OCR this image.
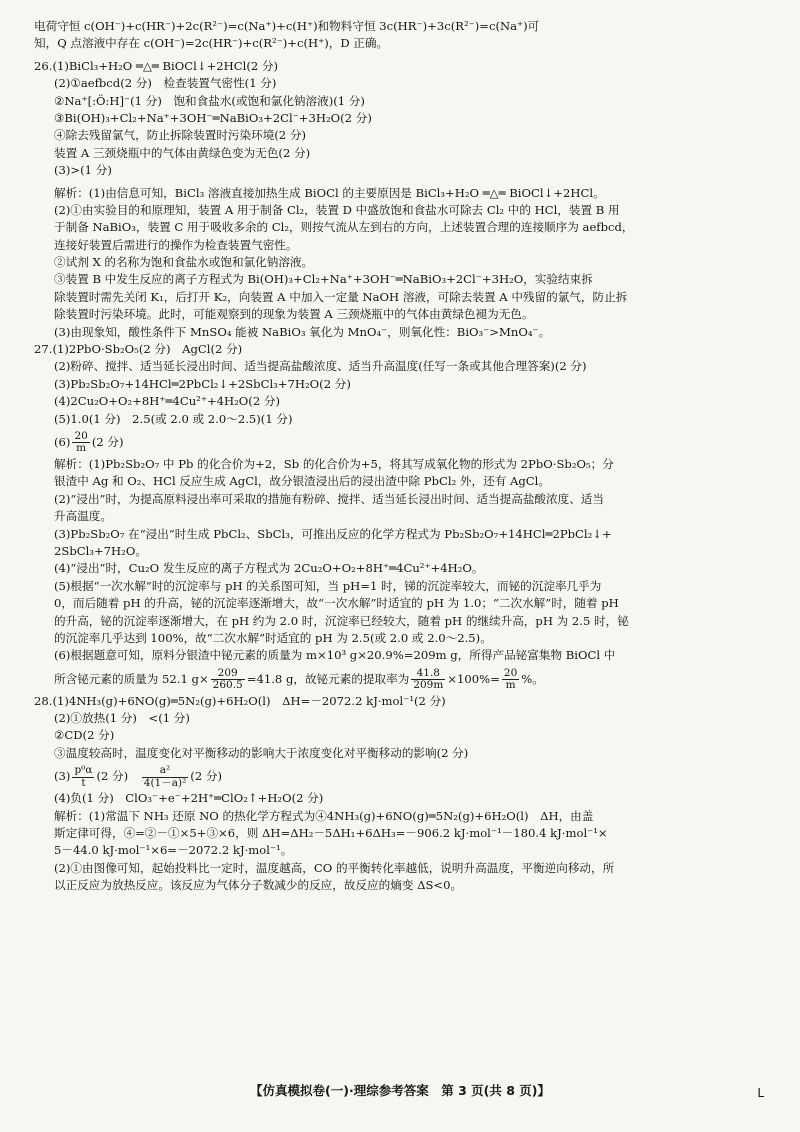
电荷守恒 c(OH⁻)+c(HR⁻)+2c(R²⁻)=c(Na⁺)+c(H⁺)和物料守恒 3c(HR⁻)+3c(R²⁻)=c(Na⁺)可
知，Q 点溶液中存在 c(OH⁻)=2c(HR⁻)+c(R²⁻)+c(H⁺)，D 正确。
26.(1)BiCl₃+H₂O ═△═ BiOCl↓+2HCl(2 分)
(2)①aefbcd(2 分)　检查装置气密性(1 分)
②Na⁺[:Ö:H]⁻(1 分)　饱和食盐水(或饱和氯化钠溶液)(1 分)
③Bi(OH)₃+Cl₂+Na⁺+3OH⁻═NaBiO₃+2Cl⁻+3H₂O(2 分)
④除去残留氯气，防止拆除装置时污染环境(2 分)
装置 A 三颈烧瓶中的气体由黄绿色变为无色(2 分)
(3)>(1 分)
解析：(1)由信息可知，BiCl₃ 溶液直接加热生成 BiOCl 的主要原因是 BiCl₃+H₂O ═△═ BiOCl↓+2HCl。
(2)①由实验目的和原理知，装置 A 用于制备 Cl₂，装置 D 中盛放饱和食盐水可除去 Cl₂ 中的 HCl，装置 B 用
于制备 NaBiO₃，装置 C 用于吸收多余的 Cl₂，则按气流从左到右的方向，上述装置合理的连接顺序为 aefbcd，
连接好装置后需进行的操作为检查装置气密性。
②试剂 X 的名称为饱和食盐水或饱和氯化钠溶液。
③装置 B 中发生反应的离子方程式为 Bi(OH)₃+Cl₂+Na⁺+3OH⁻═NaBiO₃+2Cl⁻+3H₂O，实验结束拆
除装置时需先关闭 K₁，后打开 K₂，向装置 A 中加入一定量 NaOH 溶液，可除去装置 A 中残留的氯气，防止拆
除装置时污染环境。此时，可能观察到的现象为装置 A 三颈烧瓶中的气体由黄绿色褪为无色。
(3)由现象知，酸性条件下 MnSO₄ 能被 NaBiO₃ 氧化为 MnO₄⁻，则氧化性：BiO₃⁻>MnO₄⁻。
27.(1)2PbO·Sb₂O₅(2 分)　AgCl(2 分)
(2)粉碎、搅拌、适当延长浸出时间、适当提高盐酸浓度、适当升高温度(任写一条或其他合理答案)(2 分)
(3)Pb₂Sb₂O₇+14HCl═2PbCl₂↓+2SbCl₃+7H₂O(2 分)
(4)2Cu₂O+O₂+8H⁺═4Cu²⁺+4H₂O(2 分)
(5)1.0(1 分)　2.5(或 2.0 或 2.0～2.5)(1 分)
$(6) \frac{20}{m} (2$ 分)
解析：(1)Pb₂Sb₂O₇ 中 Pb 的化合价为+2，Sb 的化合价为+5，将其写成氧化物的形式为 2PbO·Sb₂O₅；分
银渣中 Ag 和 O₂、HCl 反应生成 AgCl，故分银渣浸出后的浸出渣中除 PbCl₂ 外，还有 AgCl。
(2)“浸出”时，为提高原料浸出率可采取的措施有粉碎、搅拌、适当延长浸出时间、适当提高盐酸浓度、适当
升高温度。
(3)Pb₂Sb₂O₇ 在“浸出”时生成 PbCl₂、SbCl₃，可推出反应的化学方程式为 Pb₂Sb₂O₇+14HCl═2PbCl₂↓+
2SbCl₃+7H₂O。
(4)“浸出”时，Cu₂O 发生反应的离子方程式为 2Cu₂O+O₂+8H⁺═4Cu²⁺+4H₂O。
(5)根据“一次水解”时的沉淀率与 pH 的关系图可知，当 pH=1 时，锑的沉淀率较大，而铋的沉淀率几乎为
0，而后随着 pH 的升高，铋的沉淀率逐渐增大，故“一次水解”时适宜的 pH 为 1.0；“二次水解”时，随着 pH
的升高，铋的沉淀率逐渐增大，在 pH 约为 2.0 时，沉淀率已经较大，随着 pH 的继续升高，pH 为 2.5 时，铋
的沉淀率几乎达到 100%，故“二次水解”时适宜的 pH 为 2.5(或 2.0 或 2.0～2.5)。
(6)根据题意可知，原料分银渣中铋元素的质量为 m×10³ g×20.9%=209m g，所得产品铋富集物 BiOCl 中
所含铋元素的质量为 52.1 $g\times \frac{209}{260.5} =41.8$ g，故铋元素的提取率为 $\frac{41.8}{209m} \times 100\%= \frac{20}{m}$ %。
28.(1)4NH₃(g)+6NO(g)═5N₂(g)+6H₂O(l)　ΔH=－2072.2 kJ·mol⁻¹(2 分)
(2)①放热(1 分)　<(1 分)
②CD(2 分)
③温度较高时，温度变化对平衡移动的影响大于浓度变化对平衡移动的影响(2 分)
$(3) \frac{\text{p⁰α}}{t} (2$ 分)　 $\frac{\text{a²}}{\text{4(1－a)²}} (2$ 分)
(4)负(1 分)　ClO₃⁻+e⁻+2H⁺═ClO₂↑+H₂O(2 分)
解析：(1)常温下 NH₃ 还原 NO 的热化学方程式为④4NH₃(g)+6NO(g)═5N₂(g)+6H₂O(l)　ΔH，由盖
斯定律可得，④=②－①×5+③×6，则 ΔH=ΔH₂－5ΔH₁+6ΔH₃=－906.2 kJ·mol⁻¹－180.4 kJ·mol⁻¹×
5－44.0 kJ·mol⁻¹×6=－2072.2 kJ·mol⁻¹。
(2)①由图像可知，起始投料比一定时，温度越高，CO 的平衡转化率越低，说明升高温度，平衡逆向移动，所
以正反应为放热反应。该反应为气体分子数减少的反应，故反应的熵变 ΔS<0。
【仿真模拟卷(一)·理综参考答案　第 3 页(共 8 页)】	L
